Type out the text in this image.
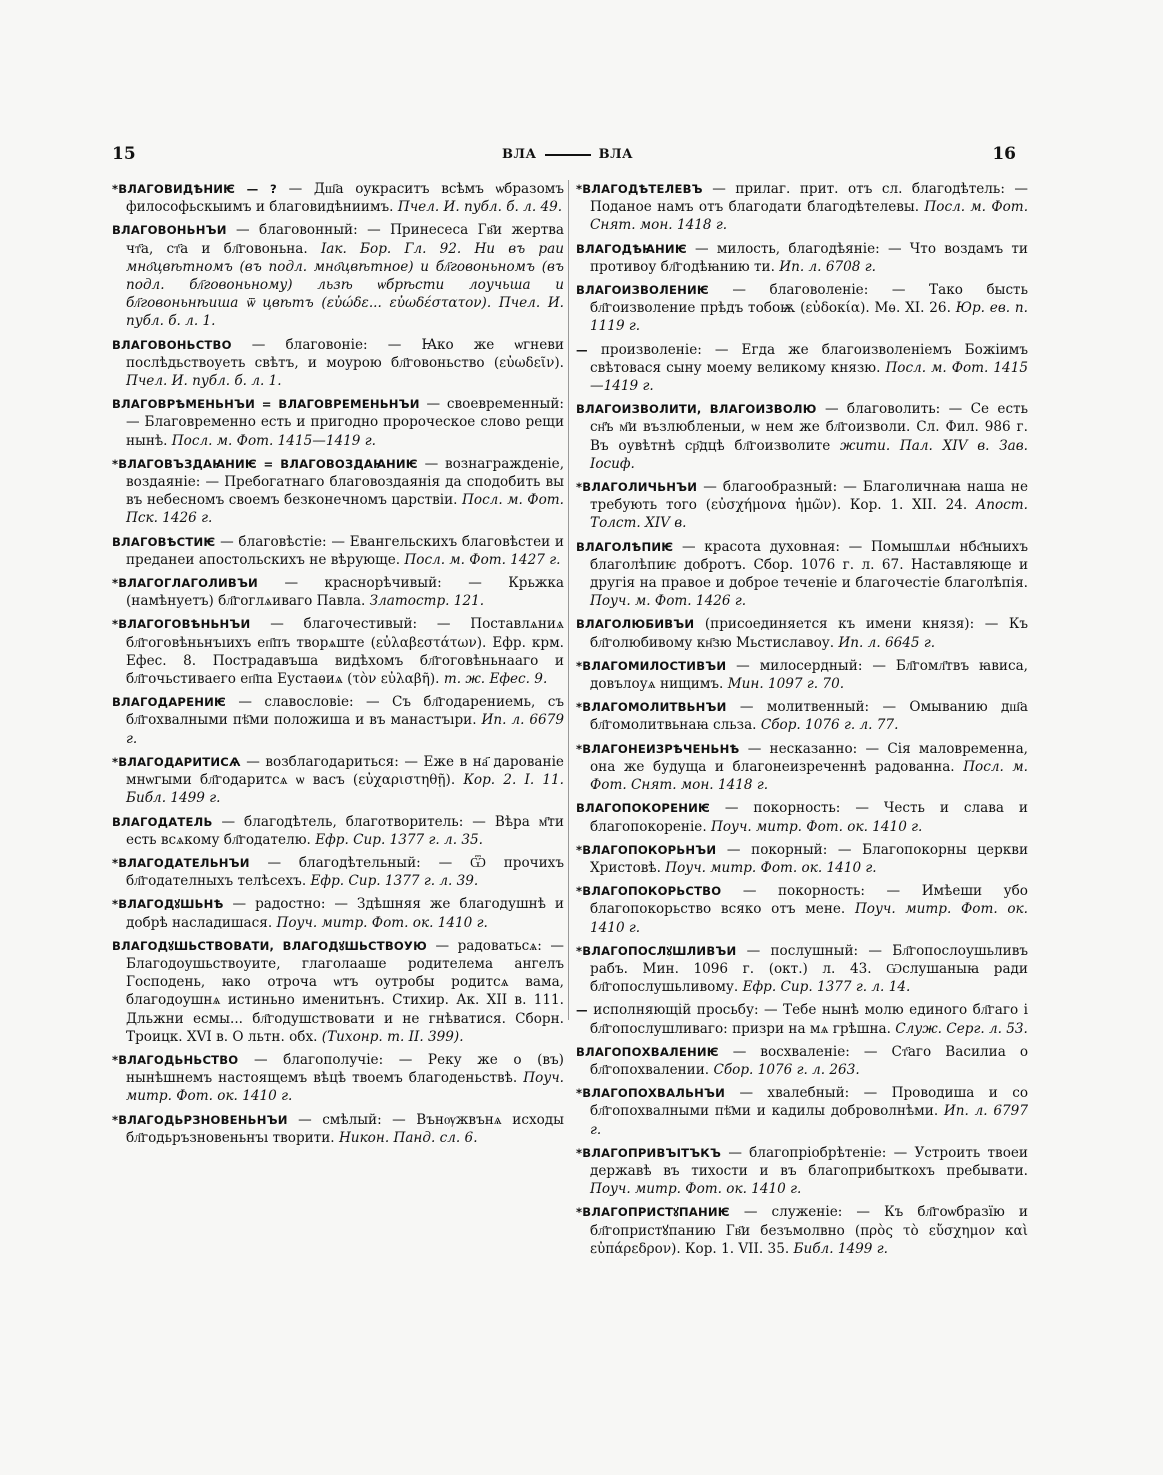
15	ВЛА	ВЛА	16

*ВЛАГОВИДѢНИѤ — ? — Дш҃а оукраситъ всѣмъ ѡбразомъ философьскыимъ и благовидѣниимъ. Пчел. И. публ. б. л. 49.

ВЛАГОВОНЬНЪИ — благовонный: — Принесеса Гв҃и жертва чт҃а, ст҃а и бл҃говоньна. Iак. Бор. Гл. 92. Ни въ раи мно҃цвѣтномъ (въ подл. мно҃цвѣтное) и бл҃говоньномъ (въ подл. бл҃говоньному) льзѣ ѡбрѣсти лоучьша и бл҃говоньнѣиша ѿ цвѣтъ (εὐώδε... εὐωδέστατον). Пчел. И. публ. б. л. 1.

ВЛАГОВОНЬСТВО — благовоніе: — Ꙗко же ѡгневи послѣдьствоуеть свѣтъ, и моурою бл҃говоньство (εὐωδεῖν). Пчел. И. публ. б. л. 1.

ВЛАГОВРѢМЕНЬНЪИ = ВЛАГОВРЕМЕНЬНЪИ — своевременный: — Благовременно есть и пригодно пророческое слово рещи нынѣ. Посл. м. Фот. 1415—1419 г.

*ВЛАГОВЪЗДАꙖНИѤ = ВЛАГОВОЗДАꙖНИѤ — вознагражденіе, воздаяніе: — Пребогатнаго благовоздаянія да сподобить вы въ небесномъ своемъ безконечномъ царствіи. Посл. м. Фот. Пск. 1426 г.

ВЛАГОВѢСТИѤ — благовѣстіе: — Евангельскихъ благовѣстеи и преданеи апостольскихъ не вѣрующе. Посл. м. Фот. 1427 г.

*ВЛАГОГЛАГОЛИВЪИ — краснорѣчивый: — Крьжка (намѣнуетъ) бл҃гоглѧиваго Павла. Златостр. 121.

*ВЛАГОГОВѢНЬНЪИ — благочестивый: — Поставлѧниѧ бл҃гоговѣньнъıихъ еп҃пъ творѧште (εὐλαβεστάτων). Ефр. крм. Ефес. 8. Пострадавъша видѣхомъ бл҃гоговѣньнааго и бл҃гочьстиваего еп҃па Еустаѳиѧ (τὸν εὐλαβῆ). т. ж. Ефес. 9.

ВЛАГОДАРЕНИѤ — славословіе: — Съ бл҃годарениемь, съ бл҃гохвалными пѣ҃ми положиша и въ манастъıри. Ип. л. 6679 г.

*ВЛАГОДАРИТИСѦ — возблагодариться: — Еже в на҃ дарованіе мнѡгыми бл҃годаритсѧ ѡ васъ (εὐχαριστηθῇ). Кор. 2. I. 11. Библ. 1499 г.

ВЛАГОДАТЕЛЬ — благодѣтель, благотворитель: — Вѣра м҃ти есть всѧкому бл҃годателю. Ефр. Сир. 1377 г. л. 35.

*ВЛАГОДАТЕЛЬНЪИ — благодѣтельный: — Ѿ прочихъ бл҃годателныхъ телѣсехъ. Ефр. Сир. 1377 г. л. 39.

*ВЛАГОДꙋШЬНѢ — радостно: — Здѣшняя же благодушнѣ и добрѣ насладишася. Поуч. митр. Фот. ок. 1410 г.

ВЛАГОДꙋШЬСТВОВАТИ, ВЛАГОДꙋШЬСТВОУЮ — радоватьсѧ: — Благодоушьствоуите, глаголааше родителема ангелъ Господень, ꙗко отроча ѡтъ оутробы родитсѧ вама, благодоушнѧ истиньно именитьнъ. Стихир. Ак. XII в. 111. Дльжни есмы... бл҃годушствовати и не гнѣватися. Сборн. Троицк. XVI в. О льтн. обх. (Тихонр. т. II. 399).

*ВЛАГОДЬНЬСТВО — благополучіе: — Реку же о (въ) нынѣшнемъ настоящемъ вѣцѣ твоемъ благоденьствѣ. Поуч. митр. Фот. ок. 1410 г.

*ВЛАГОДЬРЗНОВЕНЬНЪИ — смѣлый: — Вънѹжвънѧ исходы бл҃годьръзновеньнъı творити. Никон. Панд. сл. 6.

*ВЛАГОДѢТЕЛЕВЪ — прилаг. прит. отъ сл. благодѣтель: — Поданое намъ отъ благодати благодѣтелевы. Посл. м. Фот. Снят. мон. 1418 г.

ВЛАГОДѢꙖНИѤ — милость, благодѣяніе: — Что воздамъ ти противоу бл҃годѣꙗнию ти. Ип. л. 6708 г.

ВЛАГОИЗВОЛЕНИѤ — благоволеніе: — Тако бысть бл҃гоизволение прѣдъ тобоѭ (εὐδοκία). Мѳ. XI. 26. Юр. ев. п. 1119 г.

— произволеніе: — Егда же благоизволеніемъ Божіимъ свѣтовася сыну моему великому князю. Посл. м. Фот. 1415—1419 г.

ВЛАГОИЗВОЛИТИ, ВЛАГОИЗВОЛЮ — благоволить: — Се есть сн҃ъ м҃и възлюбленыи, ѡ нем же бл҃гоизволи. Сл. Фил. 986 г. Въ оувѣтнѣ ср҃дцѣ бл҃гоизволите жити. Пал. XIV в. Зав. Іосиф.

*ВЛАГОЛИЧЬНЪИ — благообразный: — Благоличнаꙗ наша не требують того (εὐσχήμονα ἡμῶν). Кор. 1. XII. 24. Апост. Толст. XIV в.

ВЛАГОЛѢПИѤ — красота духовная: — Помышлѧи нбс҃ныихъ благолѣпиѥ добротъ. Сбор. 1076 г. л. 67. Наставляюще и другія на правое и доброе теченіе и благочестіе благолѣпія. Поуч. м. Фот. 1426 г.

ВЛАГОЛЮБИВЪИ (присоединяется къ имени князя): — Къ бл҃голюбивому кн҃зю Мьстиславоу. Ип. л. 6645 г.

*ВЛАГОМИЛОСТИВЪИ — милосердный: — Бл҃гомл҃твъ ꙗвиса, довълоуѧ нищимъ. Мин. 1097 г. 70.

*ВЛАГОМОЛИТВЬНЪИ — молитвенный: — Омыванию дш҃а бл҃гомолитвьнаꙗ сльза. Сбор. 1076 г. л. 77.

*ВЛАГОНЕИЗРѢЧЕНЬНѢ — несказанно: — Сія маловременна, она же будуща и благонеизреченнѣ радованна. Посл. м. Фот. Снят. мон. 1418 г.

ВЛАГОПОКОРЕНИѤ — покорность: — Честь и слава и благопокореніе. Поуч. митр. Фот. ок. 1410 г.

*ВЛАГОПОКОРЬНЪИ — покорный: — Благопокорны церкви Христовѣ. Поуч. митр. Фот. ок. 1410 г.

*ВЛАГОПОКОРЬСТВО — покорность: — Имѣеши убо благопокорьство всяко отъ мене. Поуч. митр. Фот. ок. 1410 г.

*ВЛАГОПОСЛꙋШЛИВЪИ — послушный: — Бл҃гопослоушьливъ рабъ. Мин. 1096 г. (окт.) л. 43. Ѡслушаныꙗ ради бл҃гопослушьливому. Ефр. Сир. 1377 г. л. 14.

— исполняющій просьбу: — Тебе нынѣ молю единого бл҃гаго і бл҃гопослушливаго: призри на мѧ грѣшна. Служ. Серг. л. 53.

ВЛАГОПОХВАЛЕНИѤ — восхваленіе: — Ст҃аго Василиа о бл҃гопохвалении. Сбор. 1076 г. л. 263.

*ВЛАГОПОХВАЛЬНЪИ — хвалебный: — Проводиша и со бл҃гопохвалными пѣ҃ми и кадилы доброволнѣми. Ип. л. 6797 г.

*ВЛАГОПРИВЪІТЪКЪ — благопріобрѣтеніе: — Устроить твоеи державѣ въ тихости и въ благоприбыткохъ пребывати. Поуч. митр. Фот. ок. 1410 г.

*ВЛАГОПРИСТꙋПАНИѤ — служеніе: — Къ бл҃гоѡбразїю и бл҃гопристꙋпанию Гв҃и безъмолвно (πρὸς τὸ εὔσχημον καὶ εὐπάρεδρον). Кор. 1. VII. 35. Библ. 1499 г.
